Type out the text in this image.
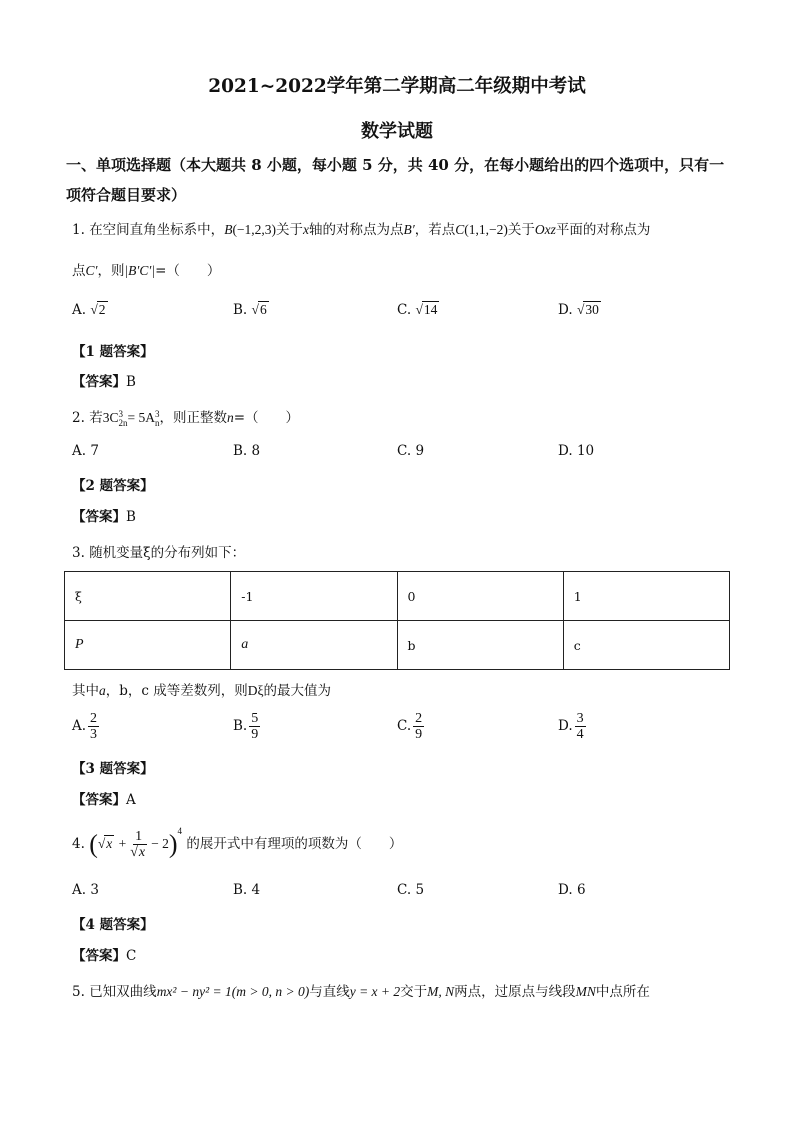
2021~2022学年第二学期高二年级期中考试
数学试题
一、单项选择题（本大题共 8 小题，每小题 5 分，共 40 分，在每小题给出的四个选项中，只有一项符合题目要求）
1. 在空间直角坐标系中，B(−1,2,3)关于x轴的对称点为点B′，若点C(1,1,−2)关于Oxz平面的对称点为
点C′，则|B′C′|=（　　）
A. √2	B. √6	C. √14	D. √30
【1 题答案】
【答案】B
2. 若3C 3
2n = 5A 3
n ，则正整数n=（　　）
A. 7	B. 8	C. 9	D. 10
【2 题答案】
【答案】B
3. 随机变量ξ的分布列如下：
ξ	-1	0	1
P	a	b	c
其中a，b，c 成等差数列，则Dξ的最大值为
A. $\frac{2}{3}$	B. $\frac{5}{9}$	C. $\frac{2}{9}$	D. $\frac{3}{4}$
【3 题答案】
【答案】A
4. $(√x + \frac{1}{√x} - 2)^4$ 的展开式中有理项的项数为（　　）
A. 3	B. 4	C. 5	D. 6
【4 题答案】
【答案】C
5. 已知双曲线mx² − ny² = 1(m > 0, n > 0)与直线y = x + 2交于M, N两点，过原点与线段MN中点所在
